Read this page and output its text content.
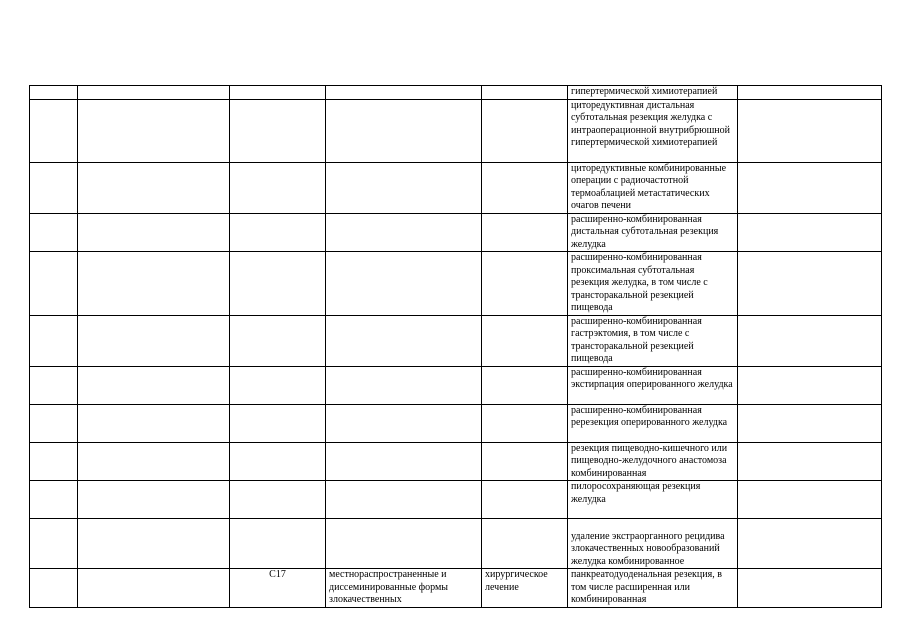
					гипертермической химиотерапией	
					циторедуктивная дистальная субтотальная резекция желудка с интраоперационной внутрибрюшной гипертермической химиотерапией	
					циторедуктивные комбинированные операции с радиочастотной термоаблацией метастатических очагов печени	
					расширенно-комбинированная дистальная субтотальная резекция желудка	
					расширенно-комбинированная проксимальная субтотальная резекция желудка, в том числе с трансторакальной резекцией пищевода	
					расширенно-комбинированная гастрэктомия, в том числе с трансторакальной резекцией пищевода	
					расширенно-комбинированная экстирпация оперированного желудка	
					расширенно-комбинированная ререзекция оперированного желудка	
					резекция пищеводно-кишечного или пищеводно-желудочного анастомоза комбинированная	
					пилоросохраняющая резекция желудка	
					удаление экстраорганного рецидива злокачественных новообразований желудка комбинированное	
		C17	местнораспространенные и диссеминированные формы злокачественных	хирургическое лечение	панкреатодуоденальная резекция, в том числе расширенная или комбинированная	
